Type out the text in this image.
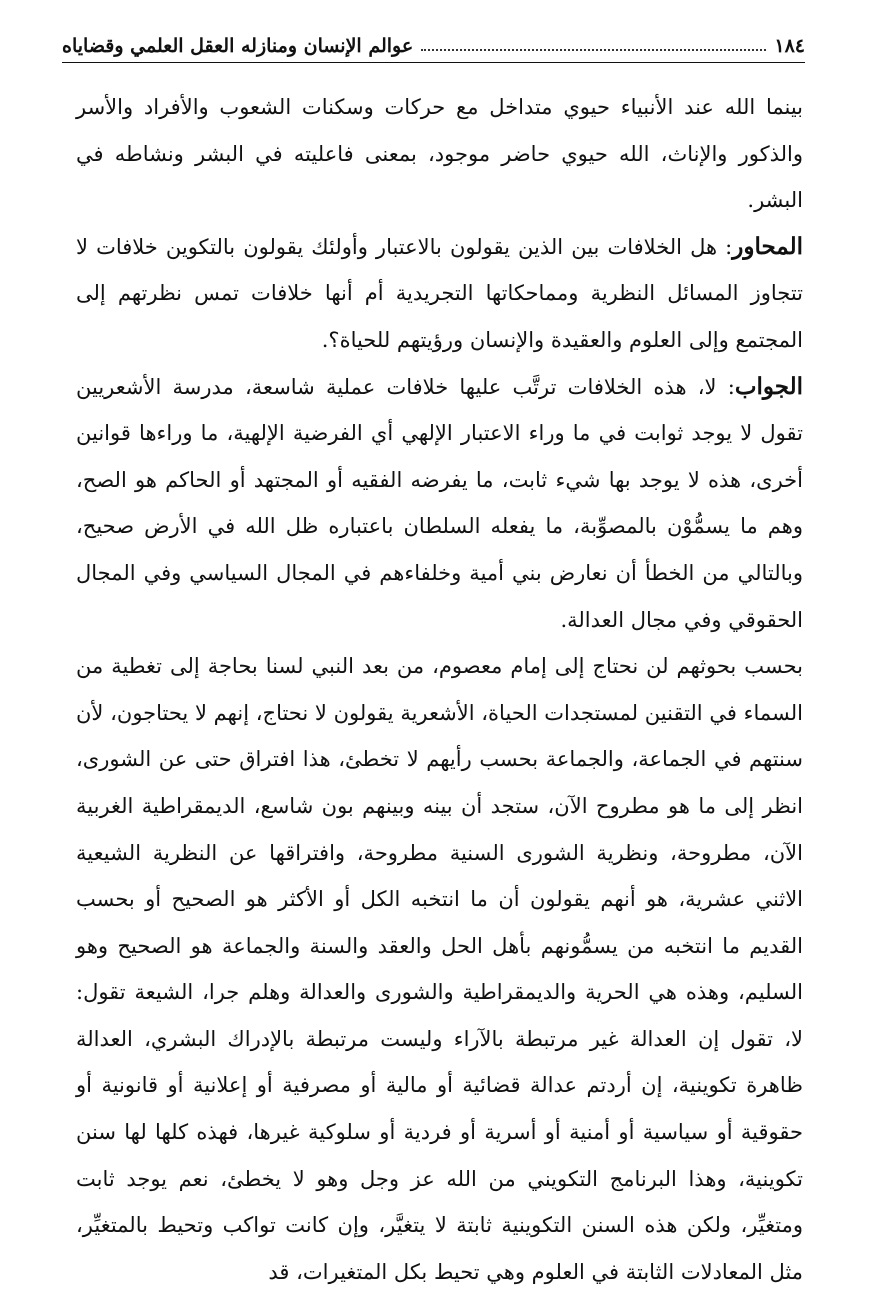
١٨٤
عوالم الإنسان ومنازله العقل العلمي وقضاياه

بينما الله عند الأنبياء حيوي متداخل مع حركات وسكنات الشعوب والأفراد والأسر والذكور والإناث، الله حيوي حاضر موجود، بمعنى فاعليته في البشر ونشاطه في البشر.

المحاور: هل الخلافات بين الذين يقولون بالاعتبار وأولئك يقولون بالتكوين خلافات لا تتجاوز المسائل النظرية ومماحكاتها التجريدية أم أنها خلافات تمس نظرتهم إلى المجتمع وإلى العلوم والعقيدة والإنسان ورؤيتهم للحياة؟.

الجواب: لا، هذه الخلافات ترتَّب عليها خلافات عملية شاسعة، مدرسة الأشعريين تقول لا يوجد ثوابت في ما وراء الاعتبار الإلهي أي الفرضية الإلهية، ما وراءها قوانين أخرى، هذه لا يوجد بها شيء ثابت، ما يفرضه الفقيه أو المجتهد أو الحاكم هو الصح، وهم ما يسمُّوْن بالمصوِّبة، ما يفعله السلطان باعتباره ظل الله في الأرض صحيح، وبالتالي من الخطأ أن نعارض بني أمية وخلفاءهم في المجال السياسي وفي المجال الحقوقي وفي مجال العدالة.

بحسب بحوثهم لن نحتاج إلى إمام معصوم، من بعد النبي لسنا بحاجة إلى تغطية من السماء في التقنين لمستجدات الحياة، الأشعرية يقولون لا نحتاج، إنهم لا يحتاجون، لأن سنتهم في الجماعة، والجماعة بحسب رأيهم لا تخطئ، هذا افتراق حتى عن الشورى، انظر إلى ما هو مطروح الآن، ستجد أن بينه وبينهم بون شاسع، الديمقراطية الغربية الآن، مطروحة، ونظرية الشورى السنية مطروحة، وافتراقها عن النظرية الشيعية الاثني عشرية، هو أنهم يقولون أن ما انتخبه الكل أو الأكثر هو الصحيح أو بحسب القديم ما انتخبه من يسمُّونهم بأهل الحل والعقد والسنة والجماعة هو الصحيح وهو السليم، وهذه هي الحرية والديمقراطية والشورى والعدالة وهلم جرا، الشيعة تقول: لا، تقول إن العدالة غير مرتبطة بالآراء وليست مرتبطة بالإدراك البشري، العدالة ظاهرة تكوينية، إن أردتم عدالة قضائية أو مالية أو مصرفية أو إعلانية أو قانونية أو حقوقية أو سياسية أو أمنية أو أسرية أو فردية أو سلوكية غيرها، فهذه كلها لها سنن تكوينية، وهذا البرنامج التكويني من الله عز وجل وهو لا يخطئ، نعم يوجد ثابت ومتغيِّر، ولكن هذه السنن التكوينية ثابتة لا يتغيَّر، وإن كانت تواكب وتحيط بالمتغيِّر، مثل المعادلات الثابتة في العلوم وهي تحيط بكل المتغيرات، قد
